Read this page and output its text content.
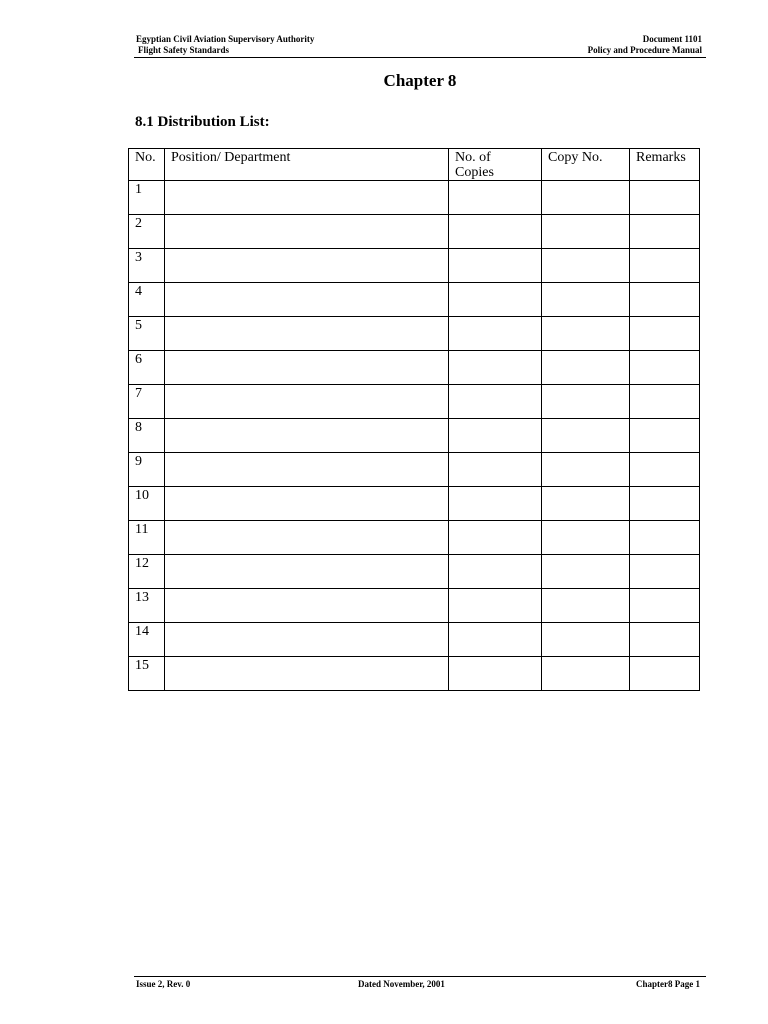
Egyptian Civil Aviation Supervisory Authority
Flight Safety Standards
Document 1101
Policy and Procedure Manual
Chapter 8
8.1 Distribution List:
No.	Position/ Department	No. of Copies	Copy No.	Remarks
1				
2				
3				
4				
5				
6				
7				
8				
9				
10				
11				
12				
13				
14				
15				
Issue 2, Rev. 0	Dated November, 2001	Chapter8 Page 1
